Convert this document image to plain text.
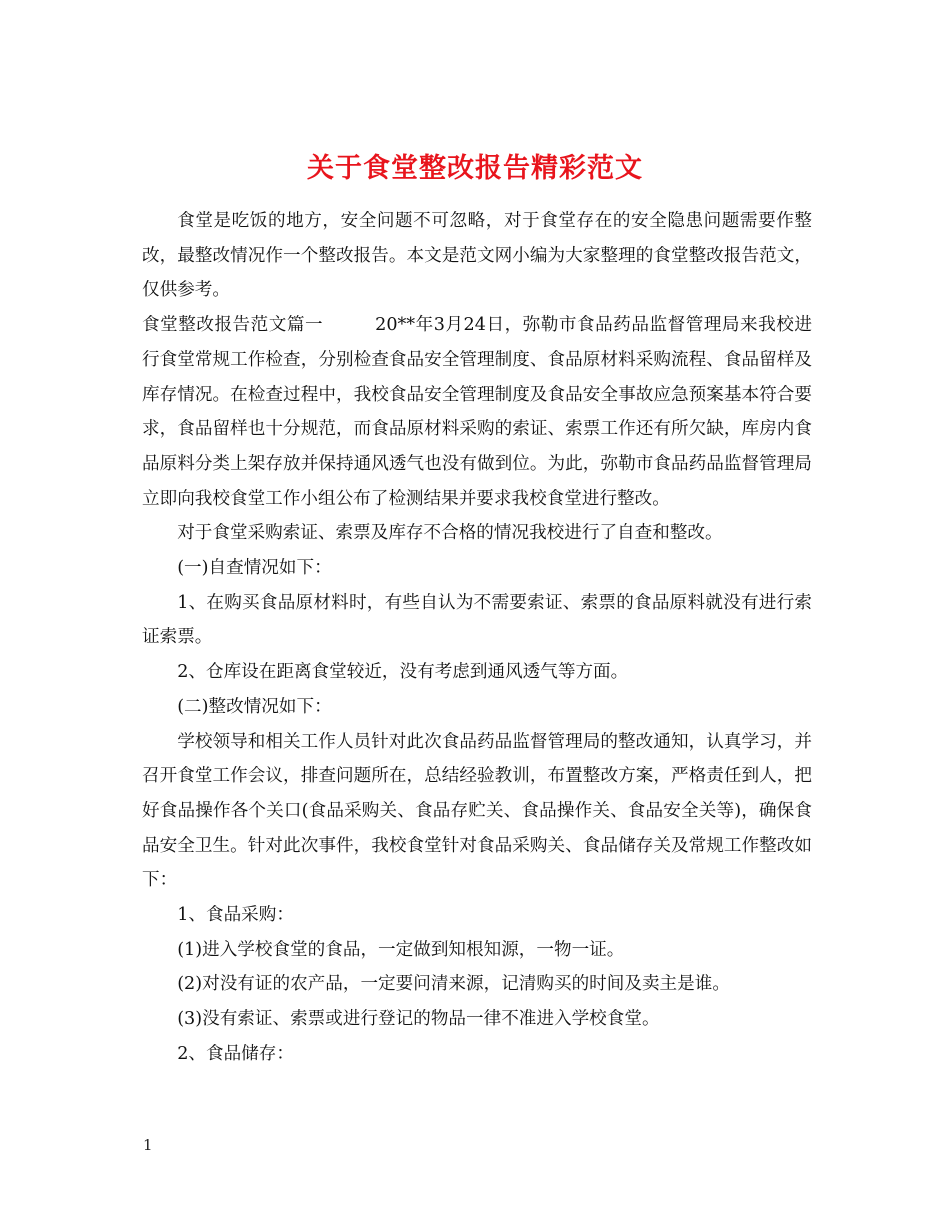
关于食堂整改报告精彩范文

食堂是吃饭的地方，安全问题不可忽略，对于食堂存在的安全隐患问题需要作整改，最整改情况作一个整改报告。本文是范文网小编为大家整理的食堂整改报告范文，仅供参考。

食堂整改报告范文篇一	20**年3月24日，弥勒市食品药品监督管理局来我校进行食堂常规工作检查，分别检查食品安全管理制度、食品原材料采购流程、食品留样及库存情况。在检查过程中，我校食品安全管理制度及食品安全事故应急预案基本符合要求，食品留样也十分规范，而食品原材料采购的索证、索票工作还有所欠缺，库房内食品原料分类上架存放并保持通风透气也没有做到位。为此，弥勒市食品药品监督管理局立即向我校食堂工作小组公布了检测结果并要求我校食堂进行整改。

对于食堂采购索证、索票及库存不合格的情况我校进行了自查和整改。

(一)自查情况如下：

1、在购买食品原材料时，有些自认为不需要索证、索票的食品原料就没有进行索证索票。

2、仓库设在距离食堂较近，没有考虑到通风透气等方面。

(二)整改情况如下：

学校领导和相关工作人员针对此次食品药品监督管理局的整改通知，认真学习，并召开食堂工作会议，排查问题所在，总结经验教训，布置整改方案，严格责任到人，把好食品操作各个关口(食品采购关、食品存贮关、食品操作关、食品安全关等)，确保食品安全卫生。针对此次事件，我校食堂针对食品采购关、食品储存关及常规工作整改如下：

1、食品采购：

(1)进入学校食堂的食品，一定做到知根知源，一物一证。

(2)对没有证的农产品，一定要问清来源，记清购买的时间及卖主是谁。

(3)没有索证、索票或进行登记的物品一律不准进入学校食堂。

2、食品储存：

1
